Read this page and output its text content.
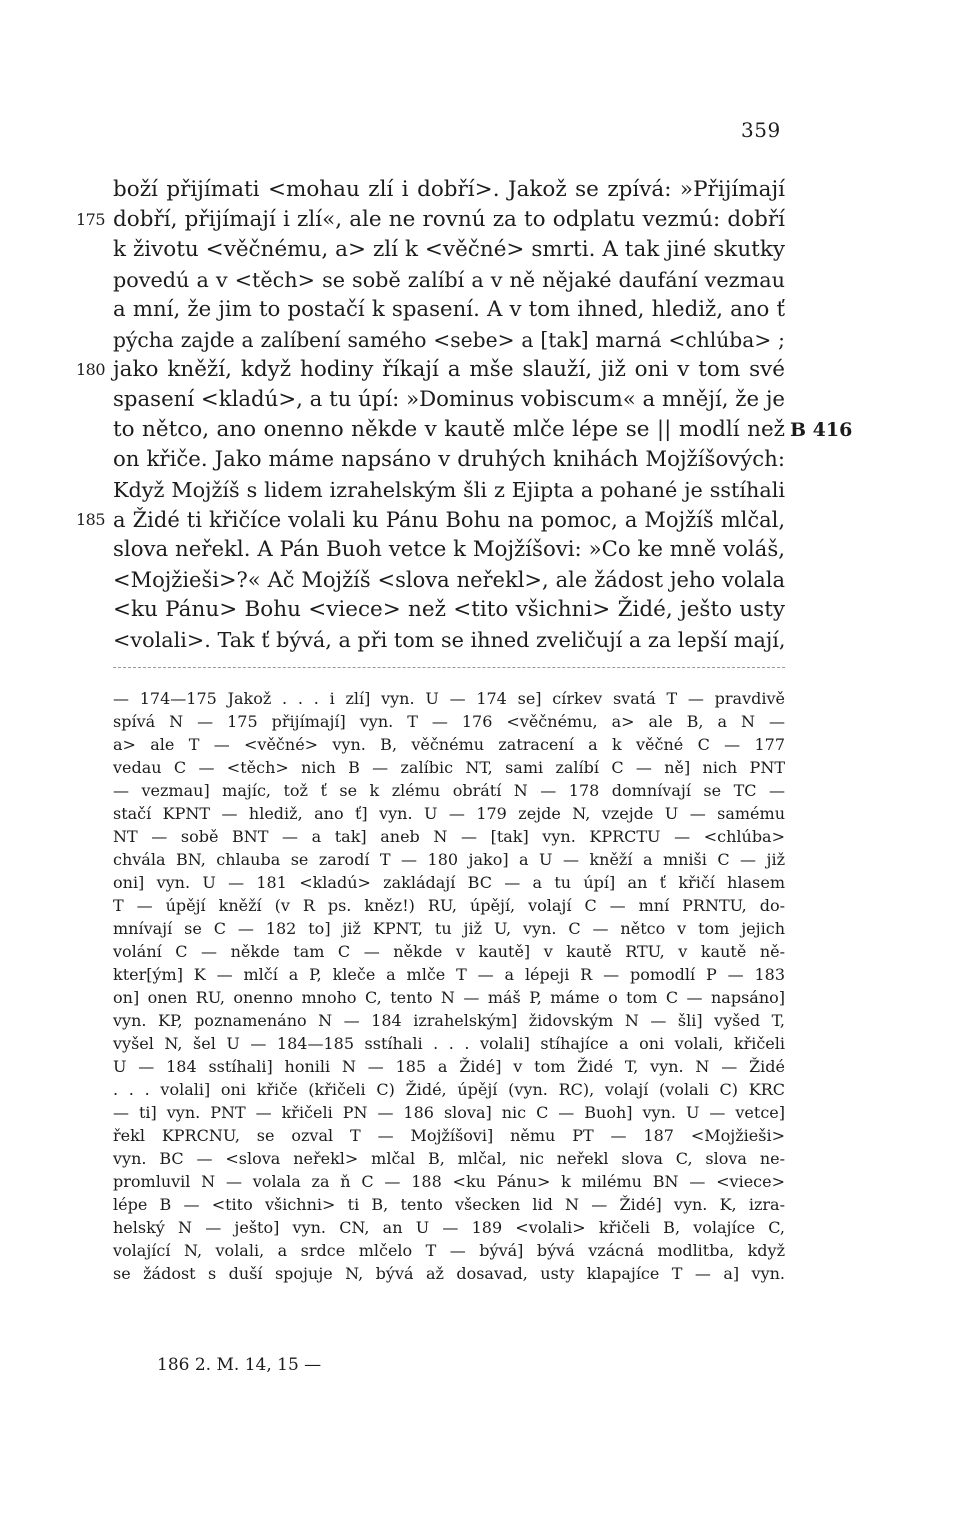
359
boží přijímati <mohau zlí i dobří>. Jakož se zpívá: »Přijímají
dobří, přijímají i zlí«, ale ne rovnú za to odplatu vezmú: dobří
k životu <věčnému, a> zlí k <věčné> smrti. A tak jiné skutky
povedú a v <těch> se sobě zalíbí a v ně nějaké daufání vezmau
a mní, že jim to postačí k spasení. A v tom ihned, hlediž, ano ť
pýcha zajde a zalíbení samého <sebe> a [tak] marná <chlúba> ;
jako kněží, když hodiny říkají a mše slauží, již oni v tom své
spasení <kladú>, a tu úpí: »Dominus vobiscum« a mnějí, že je
to nětco, ano onenno někde v kautě mlče lépe se || modlí než
on křiče. Jako máme napsáno v druhých knihách Mojžíšových:
Když Mojžíš s lidem izrahelským šli z Ejipta a pohané je sstíhali
a Židé ti křičíce volali ku Pánu Bohu na pomoc, a Mojžíš mlčal,
slova neřekl. A Pán Buoh vetce k Mojžíšovi: »Co ke mně voláš,
<Mojžieši>?« Ač Mojžíš <slova neřekl>, ale žádost jeho volala
<ku Pánu> Bohu <viece> než <tito všichni> Židé, ješto usty
<volali>. Tak ť bývá, a při tom se ihned zveličují a za lepší mají,
175
180
185
B 416
— 174—175 Jakož . . . i zlí] vyn. U — 174 se] církev svatá T — pravdivě
spívá N — 175 přijímají] vyn. T — 176 <věčnému, a> ale B, a N —
a> ale T — <věčné> vyn. B, věčnému zatracení a k věčné C — 177
vedau C — <těch> nich B — zalíbic NT, sami zalíbí C — ně] nich PNT
— vezmau] majíc, tož ť se k zlému obrátí N — 178 domnívají se TC —
stačí KPNT — hlediž, ano ť] vyn. U — 179 zejde N, vzejde U — samému
NT — sobě BNT — a tak] aneb N — [tak] vyn. KPRCTU — <chlúba>
chvála BN, chlauba se zarodí T — 180 jako] a U — kněží a mniši C — již
oni] vyn. U — 181 <kladú> zakládají BC — a tu úpí] an ť křičí hlasem
T — úpějí kněží (v R ps. kněz!) RU, úpějí, volají C — mní PRNTU, do-
mnívají se C — 182 to] již KPNT, tu již U, vyn. C — nětco v tom jejich
volání C — někde tam C — někde v kautě] v kautě RTU, v kautě ně-
kter[ým] K — mlčí a P, kleče a mlče T — a lépeji R — pomodlí P — 183
on] onen RU, onenno mnoho C, tento N — máš P, máme o tom C — napsáno]
vyn. KP, poznamenáno N — 184 izrahelským] židovským N — šli] vyšed T,
vyšel N, šel U — 184—185 sstíhali . . . volali] stíhajíce a oni volali, křičeli
U — 184 sstíhali] honili N — 185 a Židé] v tom Židé T, vyn. N — Židé
. . . volali] oni křiče (křičeli C) Židé, úpějí (vyn. RC), volají (volali C) KRC
— ti] vyn. PNT — křičeli PN — 186 slova] nic C — Buoh] vyn. U — vetce]
řekl KPRCNU, se ozval T — Mojžíšovi] němu PT — 187 <Mojžieši>
vyn. BC — <slova neřekl> mlčal B, mlčal, nic neřekl slova C, slova ne-
promluvil N — volala za ň C — 188 <ku Pánu> k milému BN — <viece>
lépe B — <tito všichni> ti B, tento všecken lid N — Židé] vyn. K, izra-
helský N — ješto] vyn. CN, an U — 189 <volali> křičeli B, volajíce C,
volající N, volali, a srdce mlčelo T — bývá] bývá vzácná modlitba, když
se žádost s duší spojuje N, bývá až dosavad, usty klapajíce T — a] vyn.
186 2. M. 14, 15 —
